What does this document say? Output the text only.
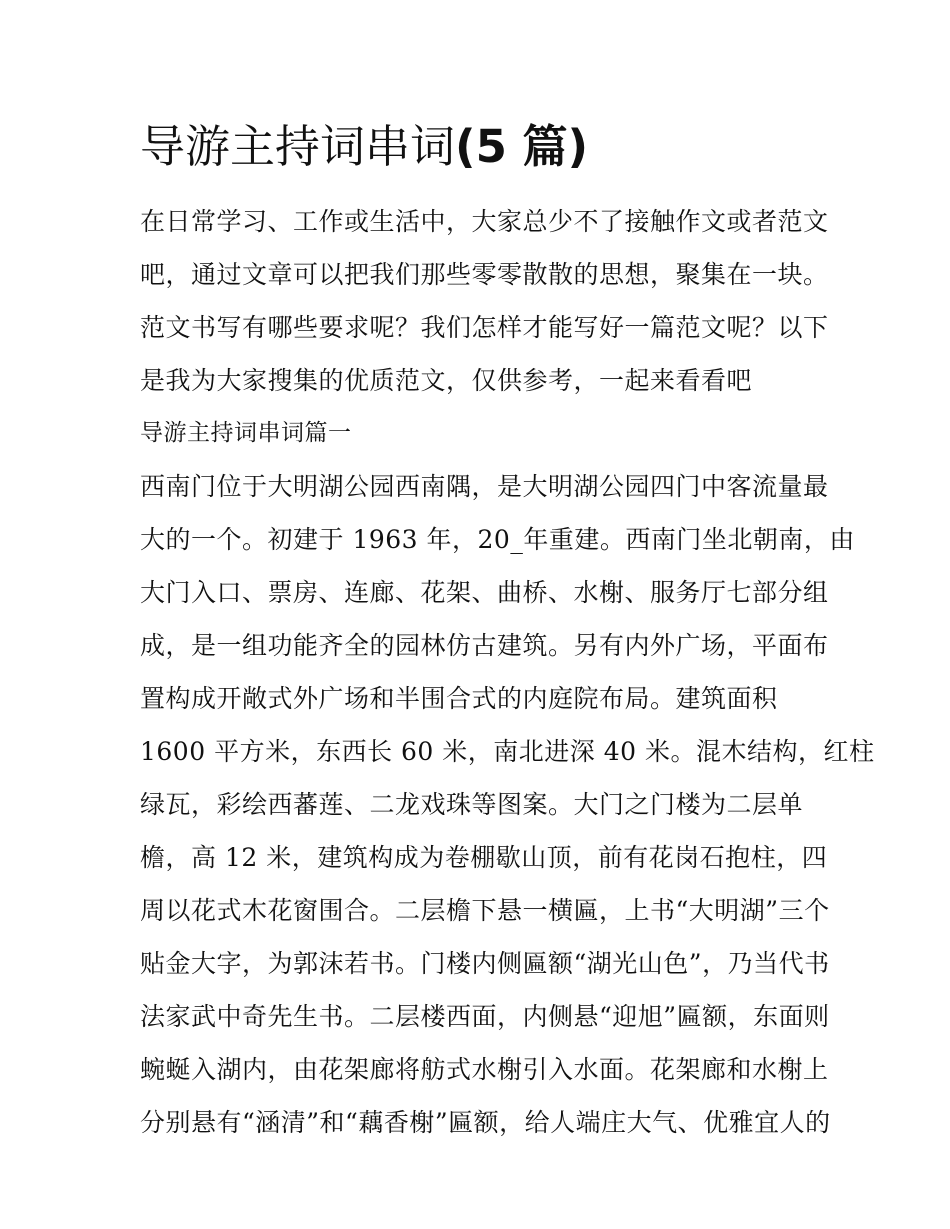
导游主持词串词(5 篇)
在日常学习、工作或生活中，大家总少不了接触作文或者范文
吧，通过文章可以把我们那些零零散散的思想，聚集在一块。
范文书写有哪些要求呢？我们怎样才能写好一篇范文呢？以下
是我为大家搜集的优质范文，仅供参考，一起来看看吧
导游主持词串词篇一
西南门位于大明湖公园西南隅，是大明湖公园四门中客流量最
大的一个。初建于 1963 年，20_年重建。西南门坐北朝南，由
大门入口、票房、连廊、花架、曲桥、水榭、服务厅七部分组
成，是一组功能齐全的园林仿古建筑。另有内外广场，平面布
置构成开敞式外广场和半围合式的内庭院布局。建筑面积
1600 平方米，东西长 60 米，南北进深 40 米。混木结构，红柱
绿瓦，彩绘西蕃莲、二龙戏珠等图案。大门之门楼为二层单
檐，高 12 米，建筑构成为卷棚歇山顶，前有花岗石抱柱，四
周以花式木花窗围合。二层檐下悬一横匾，上书“大明湖”三个
贴金大字，为郭沫若书。门楼内侧匾额“湖光山色”，乃当代书
法家武中奇先生书。二层楼西面，内侧悬“迎旭”匾额，东面则
蜿蜒入湖内，由花架廊将舫式水榭引入水面。花架廊和水榭上
分别悬有“涵清”和“藕香榭”匾额，给人端庄大气、优雅宜人的
